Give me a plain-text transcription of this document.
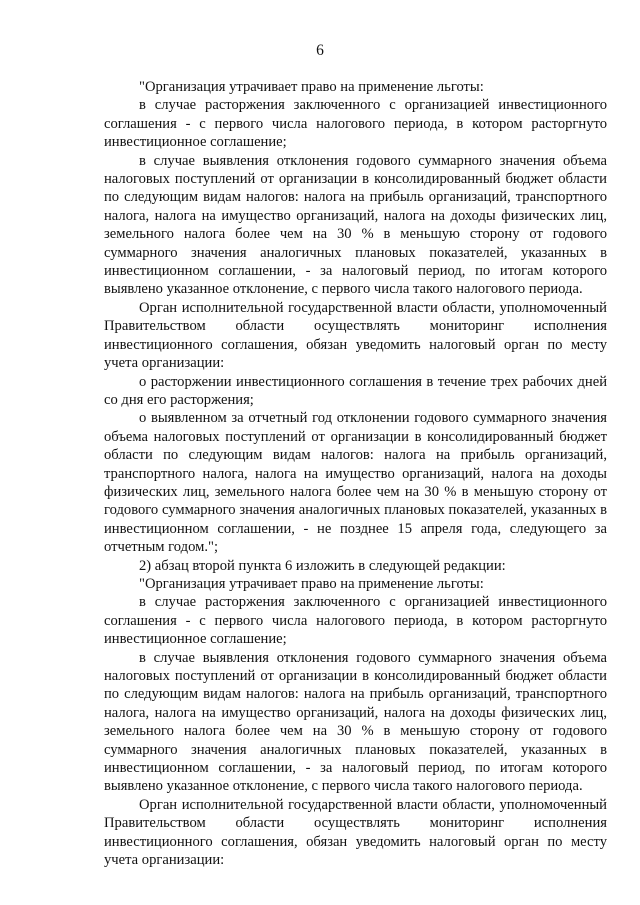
6

"Организация утрачивает право на применение льготы:

в случае расторжения заключенного с организацией инвестиционного соглашения - с первого числа налогового периода, в котором расторгнуто инвестиционное соглашение;

в случае выявления отклонения годового суммарного значения объема налоговых поступлений от организации в консолидированный бюджет области по следующим видам налогов: налога на прибыль организаций, транспортного налога, налога на имущество организаций, налога на доходы физических лиц, земельного налога более чем на 30 % в меньшую сторону от годового суммарного значения аналогичных плановых показателей, указанных в инвестиционном соглашении, - за налоговый период, по итогам которого выявлено указанное отклонение, с первого числа такого налогового периода.

Орган исполнительной государственной власти области, уполномоченный Правительством области осуществлять мониторинг исполнения инвестиционного соглашения, обязан уведомить налоговый орган по месту учета организации:

о расторжении инвестиционного соглашения в течение трех рабочих дней со дня его расторжения;

о выявленном за отчетный год отклонении годового суммарного значения объема налоговых поступлений от организации в консолидированный бюджет области по следующим видам налогов: налога на прибыль организаций, транспортного налога, налога на имущество организаций, налога на доходы физических лиц, земельного налога более чем на 30 % в меньшую сторону от годового суммарного значения аналогичных плановых показателей, указанных в инвестиционном соглашении, - не позднее 15 апреля года, следующего за отчетным годом.";

2) абзац второй пункта 6 изложить в следующей редакции:

"Организация утрачивает право на применение льготы:

в случае расторжения заключенного с организацией инвестиционного соглашения - с первого числа налогового периода, в котором расторгнуто инвестиционное соглашение;

в случае выявления отклонения годового суммарного значения объема налоговых поступлений от организации в консолидированный бюджет области по следующим видам налогов: налога на прибыль организаций, транспортного налога, налога на имущество организаций, налога на доходы физических лиц, земельного налога более чем на 30 % в меньшую сторону от годового суммарного значения аналогичных плановых показателей, указанных в инвестиционном соглашении, - за налоговый период, по итогам которого выявлено указанное отклонение, с первого числа такого налогового периода.

Орган исполнительной государственной власти области, уполномоченный Правительством области осуществлять мониторинг исполнения инвестиционного соглашения, обязан уведомить налоговый орган по месту учета организации:
